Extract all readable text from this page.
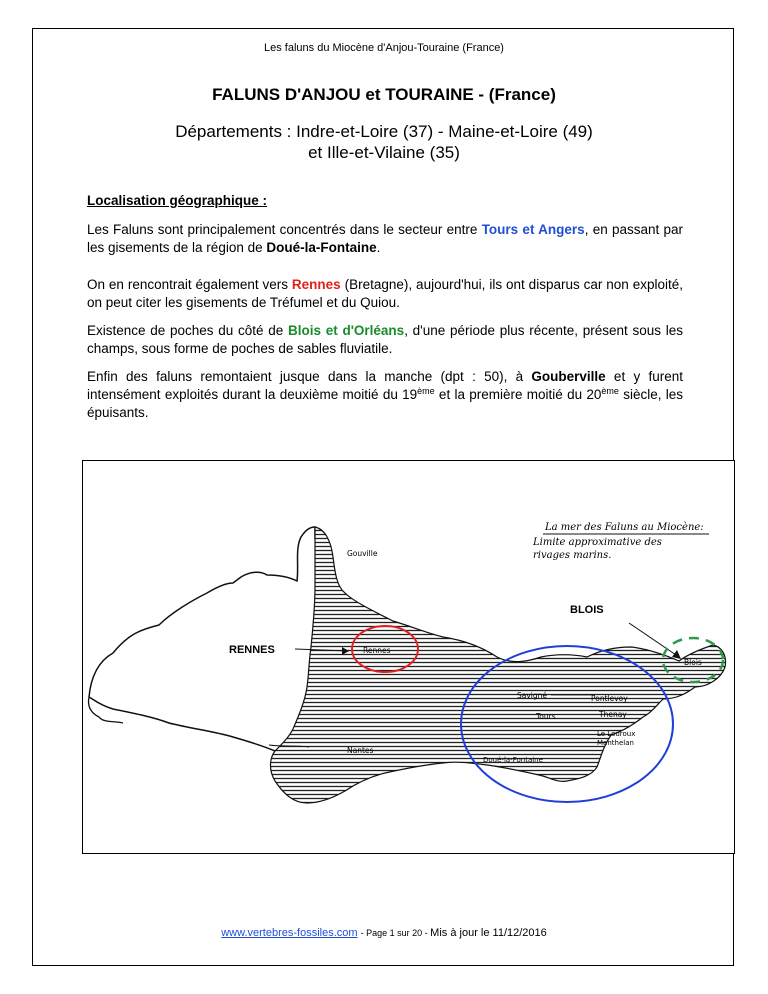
Les faluns du Miocène d'Anjou-Touraine (France)
FALUNS D'ANJOU et TOURAINE - (France)
Départements : Indre-et-Loire (37) - Maine-et-Loire (49)
et Ille-et-Vilaine (35)
Localisation géographique :
Les Faluns sont principalement concentrés dans le secteur entre Tours et Angers, en passant par les gisements de la région de Doué-la-Fontaine.
On en rencontrait également vers Rennes (Bretagne), aujourd'hui, ils ont disparus car non exploité, on peut citer les gisements de Tréfumel et du Quiou.
Existence de poches du côté de Blois et d'Orléans, d'une période plus récente, présent sous les champs, sous forme de poches de sables fluviatile.
Enfin des faluns remontaient jusque dans la manche (dpt : 50), à Gouberville et y furent intensément exploités durant la deuxième moitié du 19ème et la première moitié du 20ème siècle, les épuisants.
La mer des Faluns au Miocène:
Limite approximative des
rivages marins.
Gouville
Rennes
Blois
Savigné	Pontlevoy
Tours	Thenay
Le Louroux
Manthelan
Nantes
Doué-la-Fontaine
RENNES
BLOIS
www.vertebres-fossiles.com - Page 1 sur 20 - Mis à jour le 11/12/2016
